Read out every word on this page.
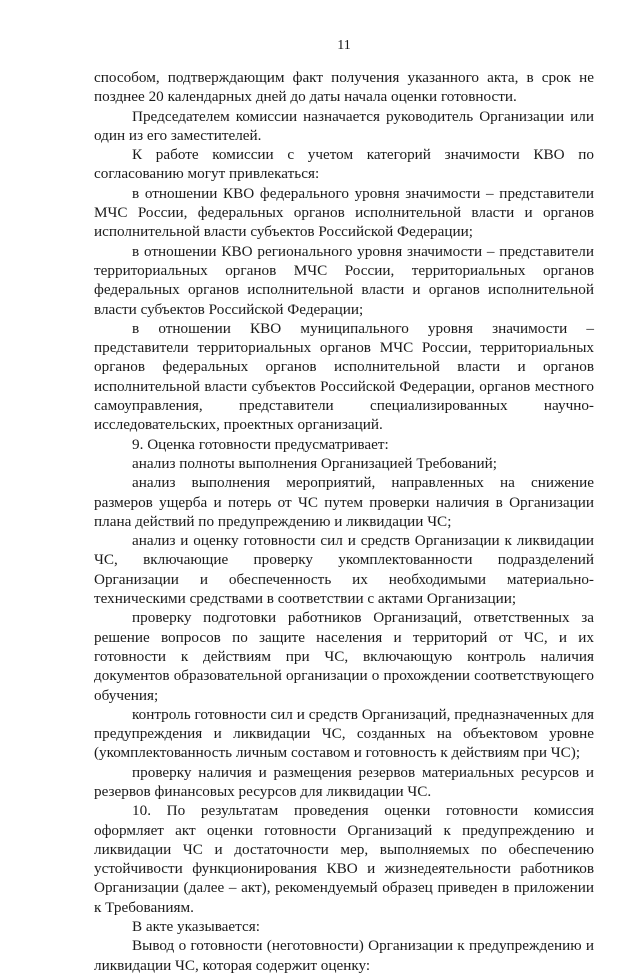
11

способом, подтверждающим факт получения указанного акта, в срок не позднее 20 календарных дней до даты начала оценки готовности.

Председателем комиссии назначается руководитель Организации или один из его заместителей.

К работе комиссии с учетом категорий значимости КВО по согласованию могут привлекаться:

в отношении КВО федерального уровня значимости – представители МЧС России, федеральных органов исполнительной власти и органов исполнительной власти субъектов Российской Федерации;

в отношении КВО регионального уровня значимости – представители территориальных органов МЧС России, территориальных органов федеральных органов исполнительной власти и органов исполнительной власти субъектов Российской Федерации;

в отношении КВО муниципального уровня значимости – представители территориальных органов МЧС России, территориальных органов федеральных органов исполнительной власти и органов исполнительной власти субъектов Российской Федерации, органов местного самоуправления, представители специализированных научно-исследовательских, проектных организаций.

9. Оценка готовности предусматривает:

анализ полноты выполнения Организацией Требований;

анализ выполнения мероприятий, направленных на снижение размеров ущерба и потерь от ЧС путем проверки наличия в Организации плана действий по предупреждению и ликвидации ЧС;

анализ и оценку готовности сил и средств Организации к ликвидации ЧС, включающие проверку укомплектованности подразделений Организации и обеспеченность их необходимыми материально-техническими средствами в соответствии с актами Организации;

проверку подготовки работников Организаций, ответственных за решение вопросов по защите населения и территорий от ЧС, и их готовности к действиям при ЧС, включающую контроль наличия документов образовательной организации о прохождении соответствующего обучения;

контроль готовности сил и средств Организаций, предназначенных для предупреждения и ликвидации ЧС, созданных на объектовом уровне (укомплектованность личным составом и готовность к действиям при ЧС);

проверку наличия и размещения резервов материальных ресурсов и резервов финансовых ресурсов для ликвидации ЧС.

10. По результатам проведения оценки готовности комиссия оформляет акт оценки готовности Организаций к предупреждению и ликвидации ЧС и достаточности мер, выполняемых по обеспечению устойчивости функционирования КВО и жизнедеятельности работников Организации (далее – акт), рекомендуемый образец приведен в приложении к Требованиям.

В акте указывается:

Вывод о готовности (неготовности) Организации к предупреждению и ликвидации ЧС, которая содержит оценку:
